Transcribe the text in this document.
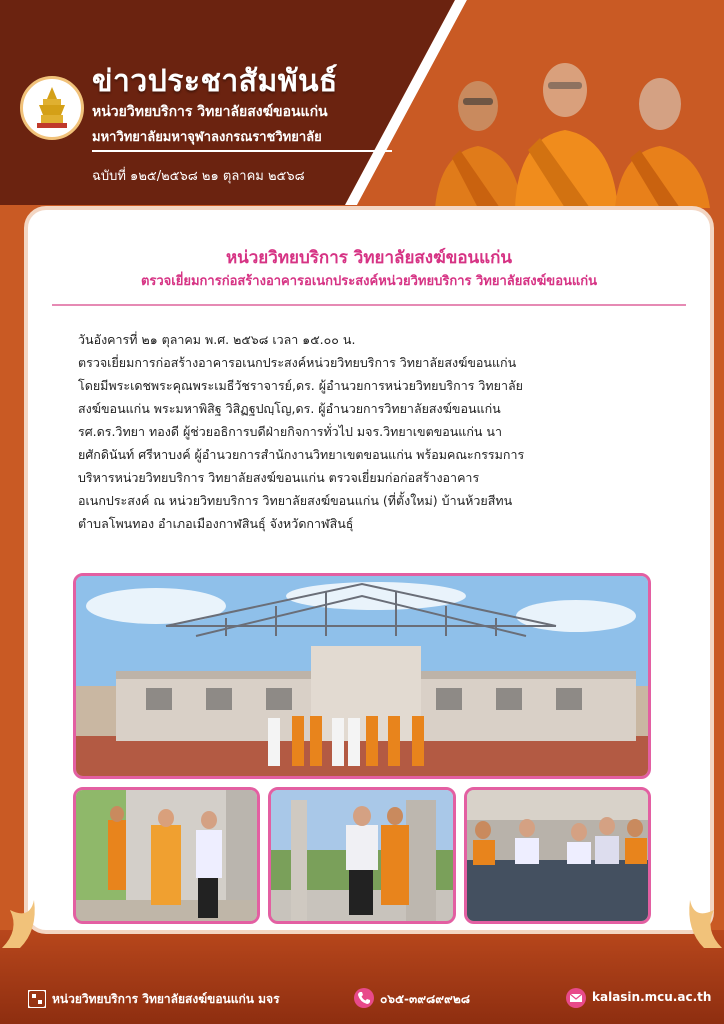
ข่าวประชาสัมพันธ์
หน่วยวิทยบริการ วิทยาลัยสงฆ์ขอนแก่น
มหาวิทยาลัยมหาจุฬาลงกรณราชวิทยาลัย
ฉบับที่ ๑๒๕/๒๕๖๘ ๒๑ ตุลาคม ๒๕๖๘
หน่วยวิทยบริการ วิทยาลัยสงฆ์ขอนแก่น
ตรวจเยี่ยมการก่อสร้างอาคารอเนกประสงค์หน่วยวิทยบริการ วิทยาลัยสงฆ์ขอนแก่น

วันอังคารที่ ๒๑ ตุลาคม พ.ศ. ๒๕๖๘ เวลา ๑๕.๐๐ น.

ตรวจเยี่ยมการก่อสร้างอาคารอเนกประสงค์หน่วยวิทยบริการ วิทยาลัยสงฆ์ขอนแก่น

โดยมีพระเดชพระคุณพระเมธีวัชราจารย์,ดร. ผู้อำนวยการหน่วยวิทยบริการ วิทยาลัย

สงฆ์ขอนแก่น พระมหาพิสิฐ วิสิฏฐปญฺโญ,ดร. ผู้อำนวยการวิทยาลัยสงฆ์ขอนแก่น

รศ.ดร.วิทยา ทองดี ผู้ช่วยอธิการบดีฝ่ายกิจการทั่วไป มจร.วิทยาเขตขอนแก่น นา

ยศักดินันท์ ศรีหาบงค์ ผู้อำนวยการสำนักงานวิทยาเขตขอนแก่น พร้อมคณะกรรมการ

บริหารหน่วยวิทยบริการ วิทยาลัยสงฆ์ขอนแก่น ตรวจเยี่ยมก่อก่อสร้างอาคาร

อเนกประสงค์ ณ หน่วยวิทยบริการ วิทยาลัยสงฆ์ขอนแก่น (ที่ตั้งใหม่) บ้านห้วยสีทน

ตำบลโพนทอง อำเภอเมืองกาฬสินธุ์ จังหวัดกาฬสินธุ์

หน่วยวิทยบริการ วิทยาลัยสงฆ์ขอนแก่น มจร	๐๖๕-๓๙๘๙๙๒๘	kalasin.mcu.ac.th
